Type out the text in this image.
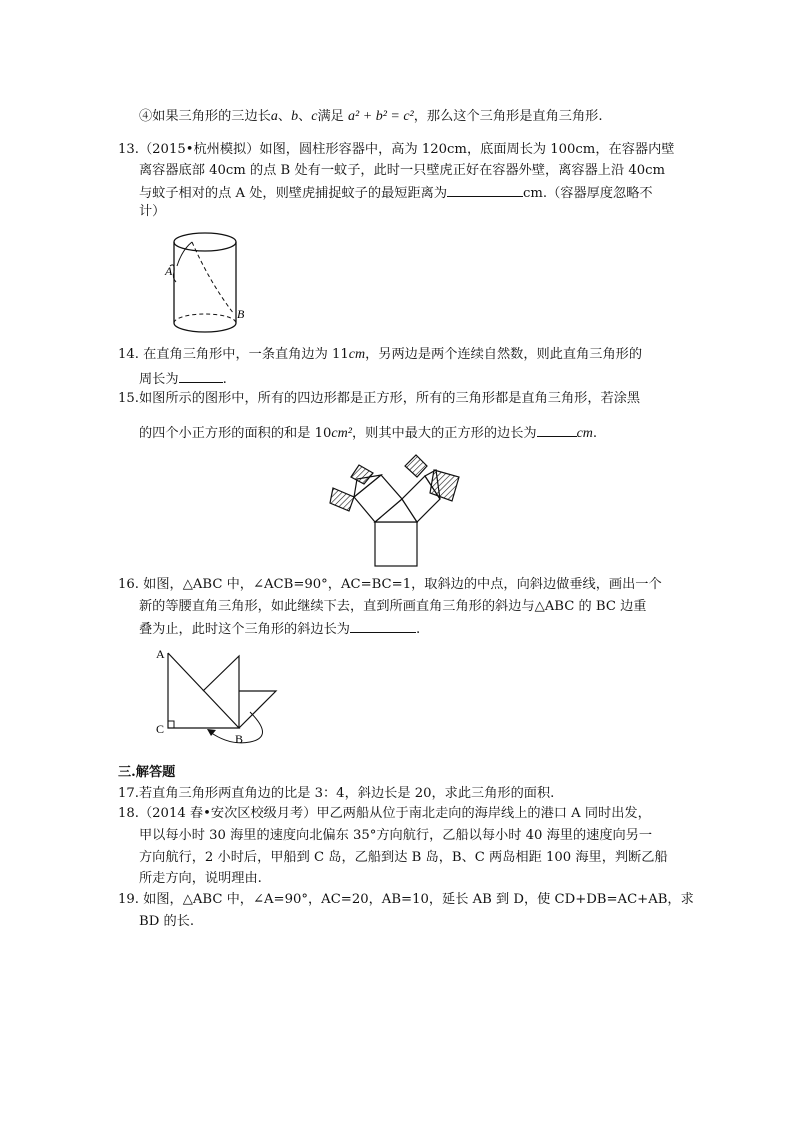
④如果三角形的三边长a、b、c满足 a² + b² = c²，那么这个三角形是直角三角形.
13.（2015•杭州模拟）如图，圆柱形容器中，高为 120cm，底面周长为 100cm，在容器内壁
离容器底部 40cm 的点 B 处有一蚊子，此时一只壁虎正好在容器外壁，离容器上沿 40cm
与蚊子相对的点 A 处，则壁虎捕捉蚊子的最短距离为	cm.（容器厚度忽略不
计）
A
B
14. 在直角三角形中，一条直角边为 11cm，另两边是两个连续自然数，则此直角三角形的
周长为	.
15.如图所示的图形中，所有的四边形都是正方形，所有的三角形都是直角三角形，若涂黑
的四个小正方形的面积的和是 10cm²，则其中最大的正方形的边长为	cm.
16. 如图，△ABC 中，∠ACB=90°，AC=BC=1，取斜边的中点，向斜边做垂线，画出一个
新的等腰直角三角形，如此继续下去，直到所画直角三角形的斜边与△ABC 的 BC 边重
叠为止，此时这个三角形的斜边长为	.
A
B
C
三.解答题
17.若直角三角形两直角边的比是 3：4，斜边长是 20，求此三角形的面积.
18.（2014 春•安次区校级月考）甲乙两船从位于南北走向的海岸线上的港口 A 同时出发，
甲以每小时 30 海里的速度向北偏东 35°方向航行，乙船以每小时 40 海里的速度向另一
方向航行，2 小时后，甲船到 C 岛，乙船到达 B 岛，B、C 两岛相距 100 海里，判断乙船
所走方向，说明理由.
19. 如图，△ABC 中，∠A=90°，AC=20，AB=10，延长 AB 到 D，使 CD+DB=AC+AB，求
BD 的长.
